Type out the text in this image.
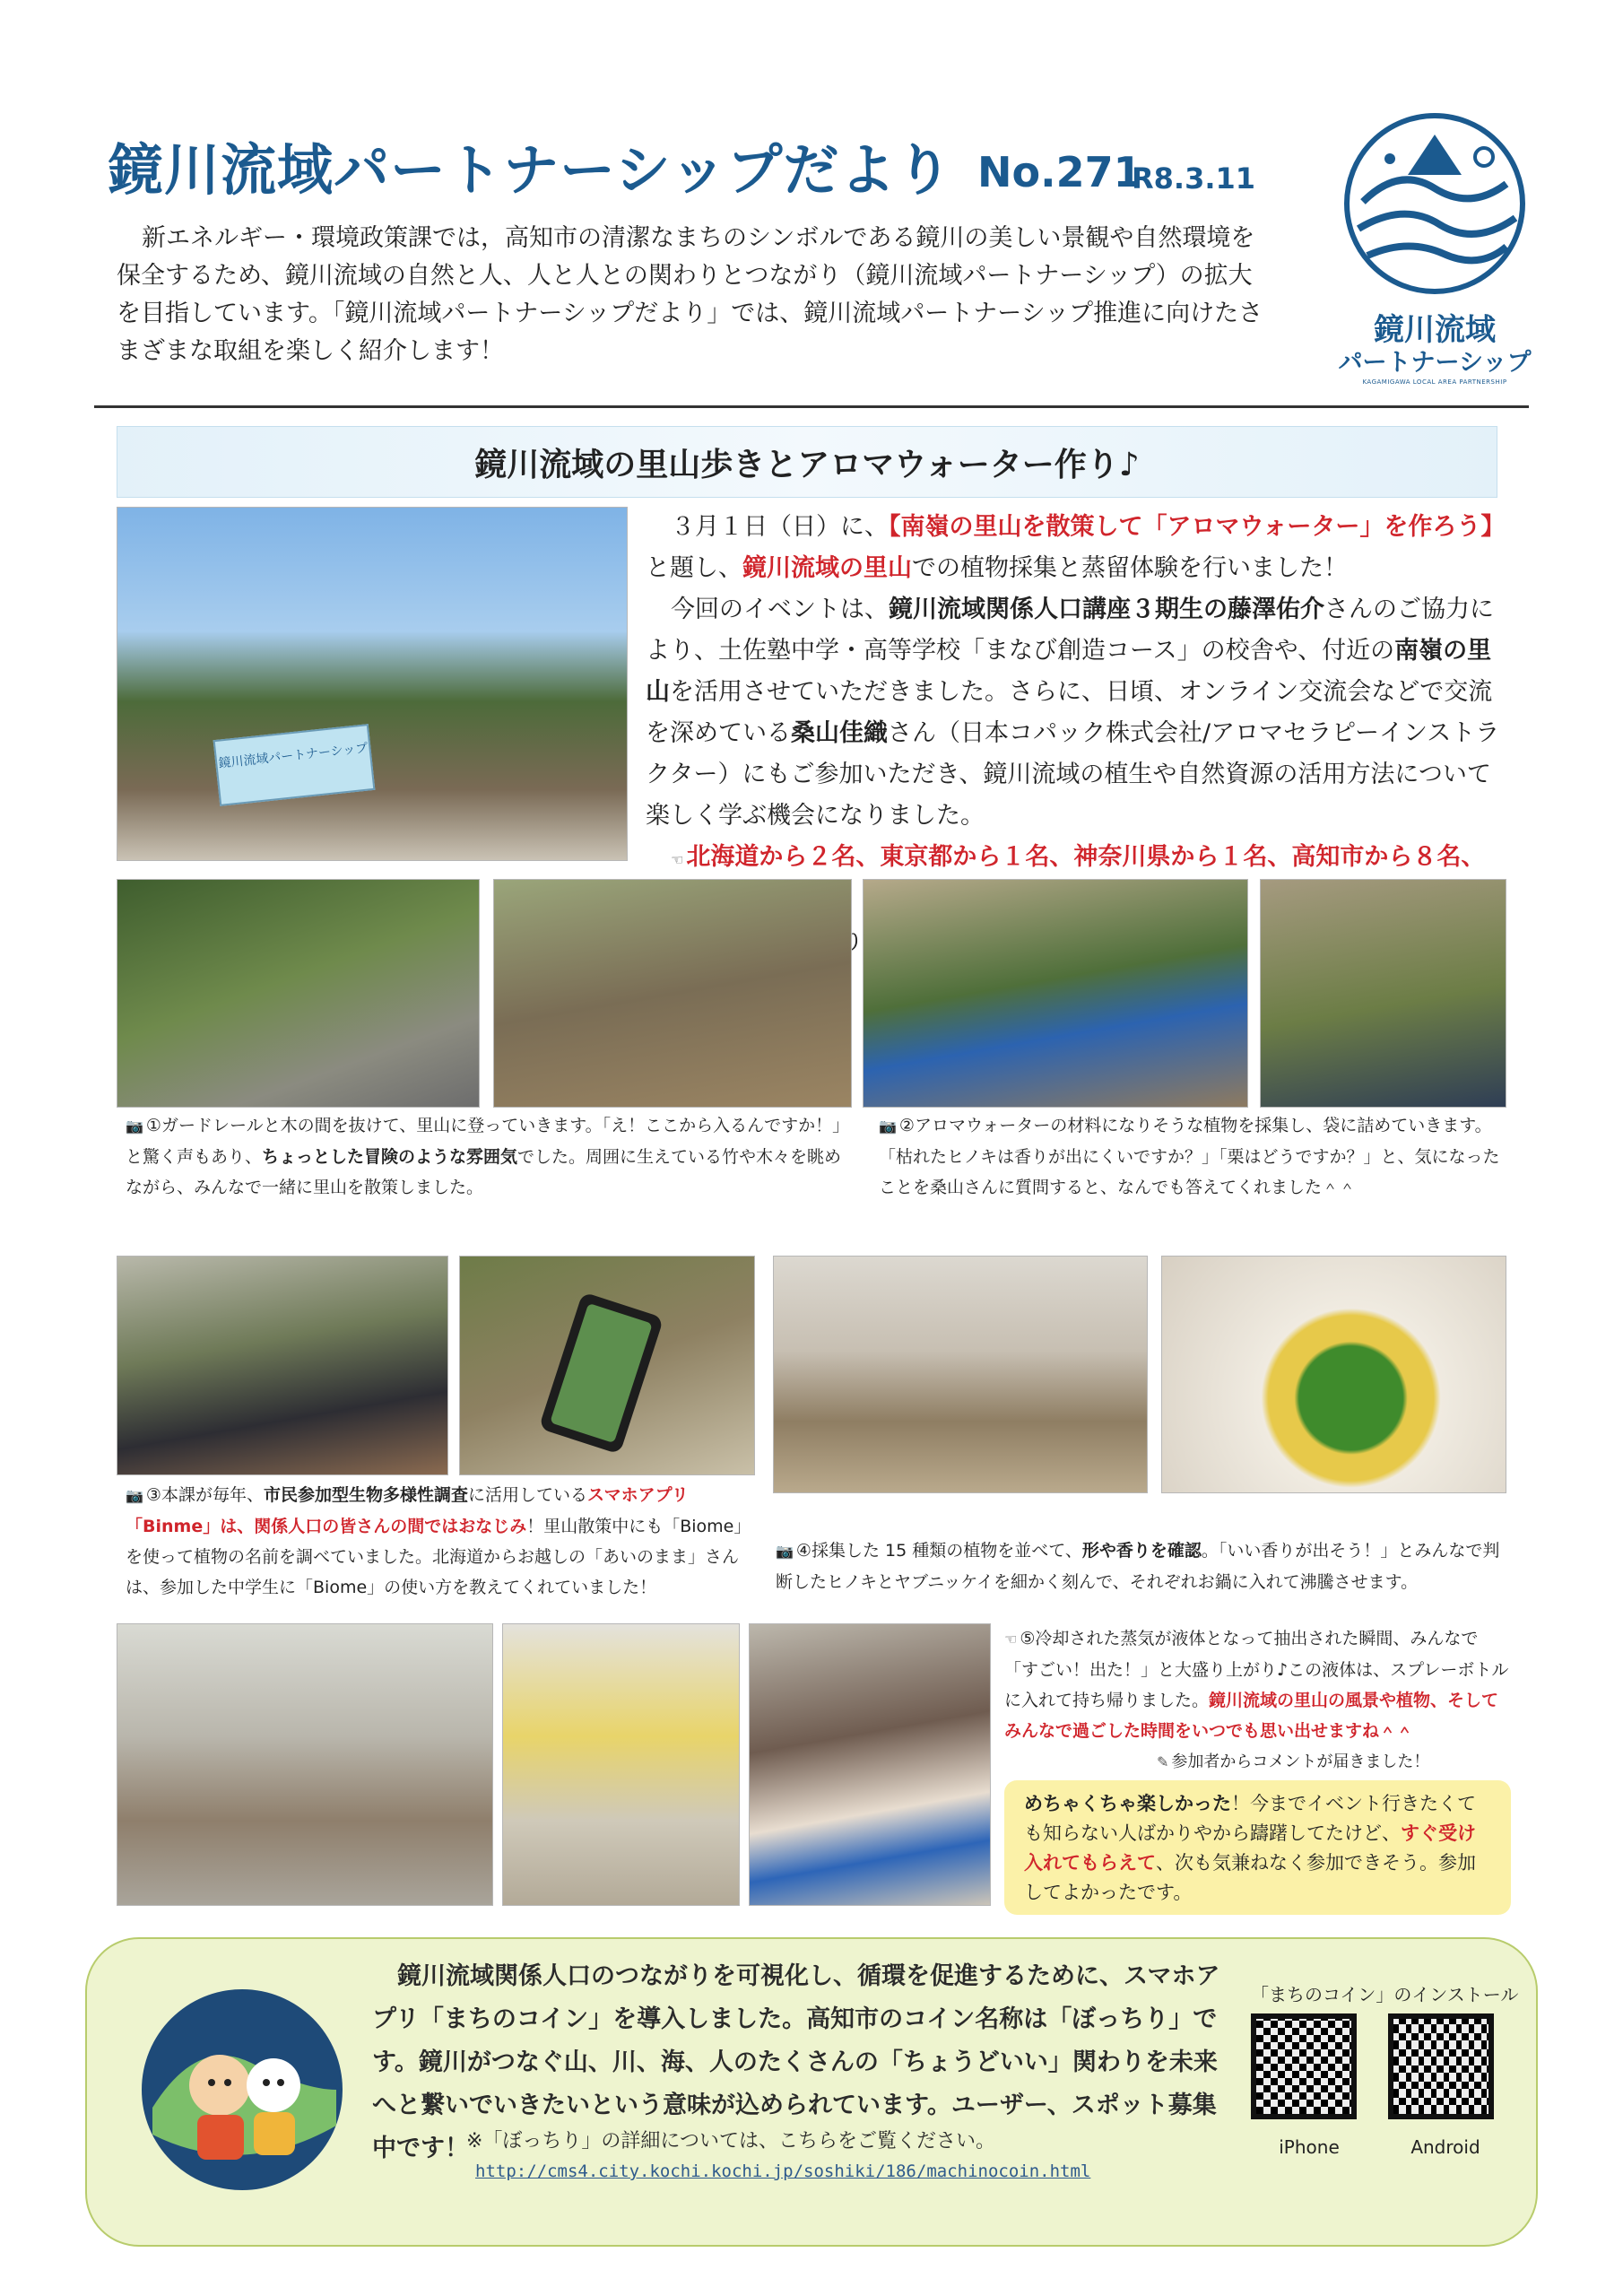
鏡川流域パートナーシップだより No.271
R8.3.11
新エネルギー・環境政策課では，高知市の清潔なまちのシンボルである鏡川の美しい景観や自然環境を保全するため、鏡川流域の自然と人、人と人との関わりとつながり（鏡川流域パートナーシップ）の拡大を目指しています。「鏡川流域パートナーシップだより」では、鏡川流域パートナーシップ推進に向けたさまざまな取組を楽しく紹介します！
鏡川流域
パートナーシップ
KAGAMIGAWA LOCAL AREA PARTNERSHIP
鏡川流域の里山歩きとアロマウォーター作り♪
鏡川流域パートナーシップ

３月１日（日）に、【南嶺の里山を散策して「アロマウォーター」を作ろう】と題し、鏡川流域の里山での植物採集と蒸留体験を行いました！

今回のイベントは、鏡川流域関係人口講座３期生の藤澤佑介さんのご協力により、土佐塾中学・高等学校「まなび創造コース」の校舎や、付近の南嶺の里山を活用させていただきました。さらに、日頃、オンライン交流会などで交流を深めている桑山佳織さん（日本コパック株式会社/アロマセラピーインストラクター）にもご参加いただき、鏡川流域の植生や自然資源の活用方法について楽しく学ぶ機会になりました。

☜ 北海道から２名、東京都から１名、神奈川県から１名、高知市から８名、

📷 ①ガードレールと木の間を抜けて、里山に登っていきます。「え！ここから入るんですか！」と驚く声もあり、ちょっとした冒険のような雰囲気でした。周囲に生えている竹や木々を眺めながら、みんなで一緒に里山を散策しました。
📷 ②アロマウォーターの材料になりそうな植物を採集し、袋に詰めていきます。「枯れたヒノキは香りが出にくいですか？」「栗はどうですか？」と、気になったことを桑山さんに質問すると、なんでも答えてくれました＾＾
📷 ③本課が毎年、市民参加型生物多様性調査に活用しているスマホアプリ「Binme」は、関係人口の皆さんの間ではおなじみ！里山散策中にも「Biome」を使って植物の名前を調べていました。北海道からお越しの「あいのまま」さんは、参加した中学生に「Biome」の使い方を教えてくれていました！
📷 ④採集した 15 種類の植物を並べて、形や香りを確認。「いい香りが出そう！」とみんなで判断したヒノキとヤブニッケイを細かく刻んで、それぞれお鍋に入れて沸騰させます。
☜ ⑤冷却された蒸気が液体となって抽出された瞬間、みんなで「すごい！出た！」と大盛り上がり♪この液体は、スプレーボトルに入れて持ち帰りました。鏡川流域の里山の風景や植物、そしてみんなで過ごした時間をいつでも思い出せますね＾＾
✎ 参加者からコメントが届きました！
めちゃくちゃ楽しかった！今までイベント行きたくても知らない人ばかりやから躊躇してたけど、すぐ受け入れてもらえて、次も気兼ねなく参加できそう。参加してよかったです。
鏡川流域関係人口のつながりを可視化し、循環を促進するために、スマホアプリ「まちのコイン」を導入しました。高知市のコイン名称は「ぼっちり」です。鏡川がつなぐ山、川、海、人のたくさんの「ちょうどいい」関わりを未来へと繋いでいきたいという意味が込められています。ユーザー、スポット募集中です！
※「ぼっちり」の詳細については、こちらをご覧ください。
http://cms4.city.kochi.kochi.jp/soshiki/186/machinocoin.html
「まちのコイン」のインストール
iPhone	Android
